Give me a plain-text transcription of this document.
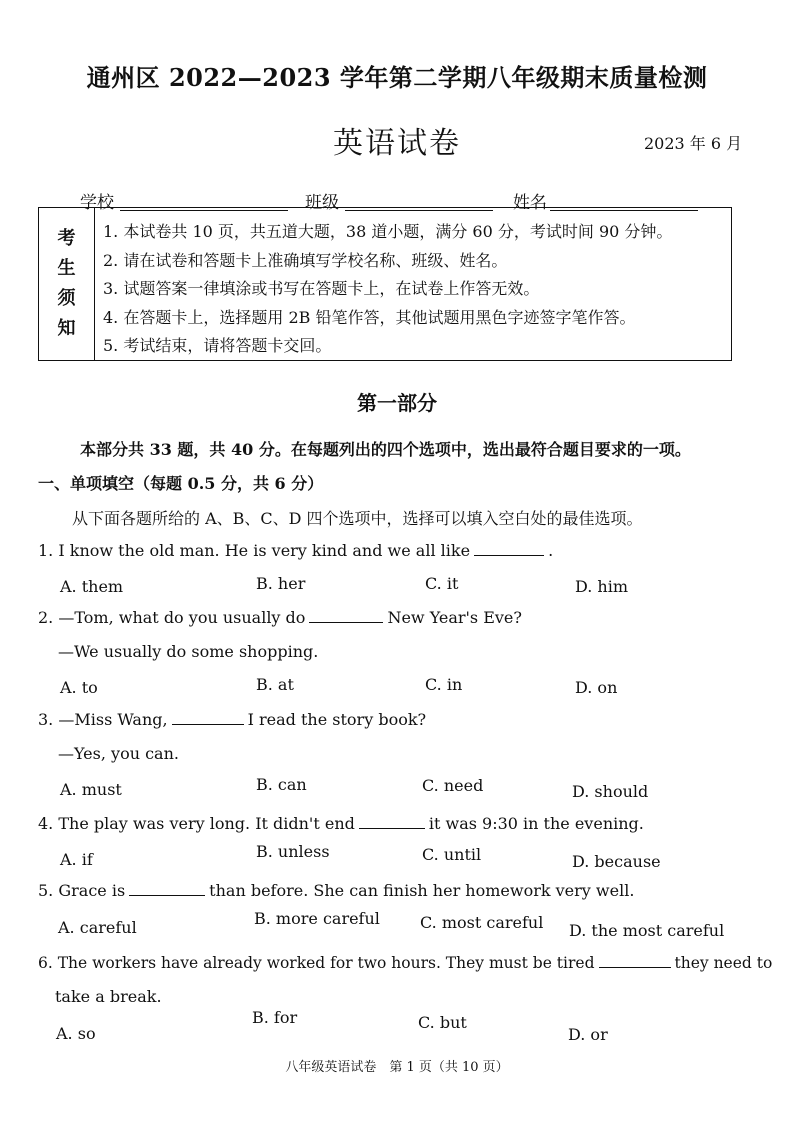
通州区 2022—2023 学年第二学期八年级期末质量检测
英语试卷	2023 年 6 月
学校	班级	姓名
考
生
须
知
1. 本试卷共 10 页，共五道大题，38 道小题，满分 60 分，考试时间 90 分钟。
2. 请在试卷和答题卡上准确填写学校名称、班级、姓名。
3. 试题答案一律填涂或书写在答题卡上，在试卷上作答无效。
4. 在答题卡上，选择题用 2B 铅笔作答，其他试题用黑色字迹签字笔作答。
5. 考试结束，请将答题卡交回。
第一部分
本部分共 33 题，共 40 分。在每题列出的四个选项中，选出最符合题目要求的一项。
一、单项填空（每题 0.5 分，共 6 分）
从下面各题所给的 A、B、C、D 四个选项中，选择可以填入空白处的最佳选项。
1. I know the old man. He is very kind and we all like	.
A. them	B. her	C. it	D. him
2. —Tom, what do you usually do	New Year's Eve?
—We usually do some shopping.
A. to	B. at	C. in	D. on
3. —Miss Wang,	I read the story book?
—Yes, you can.
A. must	B. can	C. need	D. should
4. The play was very long. It didn't end	it was 9:30 in the evening.
A. if	B. unless	C. until	D. because
5. Grace is	than before. She can finish her homework very well.
A. careful	B. more careful	C. most careful D. the most careful
6. The workers have already worked for two hours. They must be tired	they need to
take a break.
A. so
B. for	C. but
D. or
八年级英语试卷　第 1 页（共 10 页）
